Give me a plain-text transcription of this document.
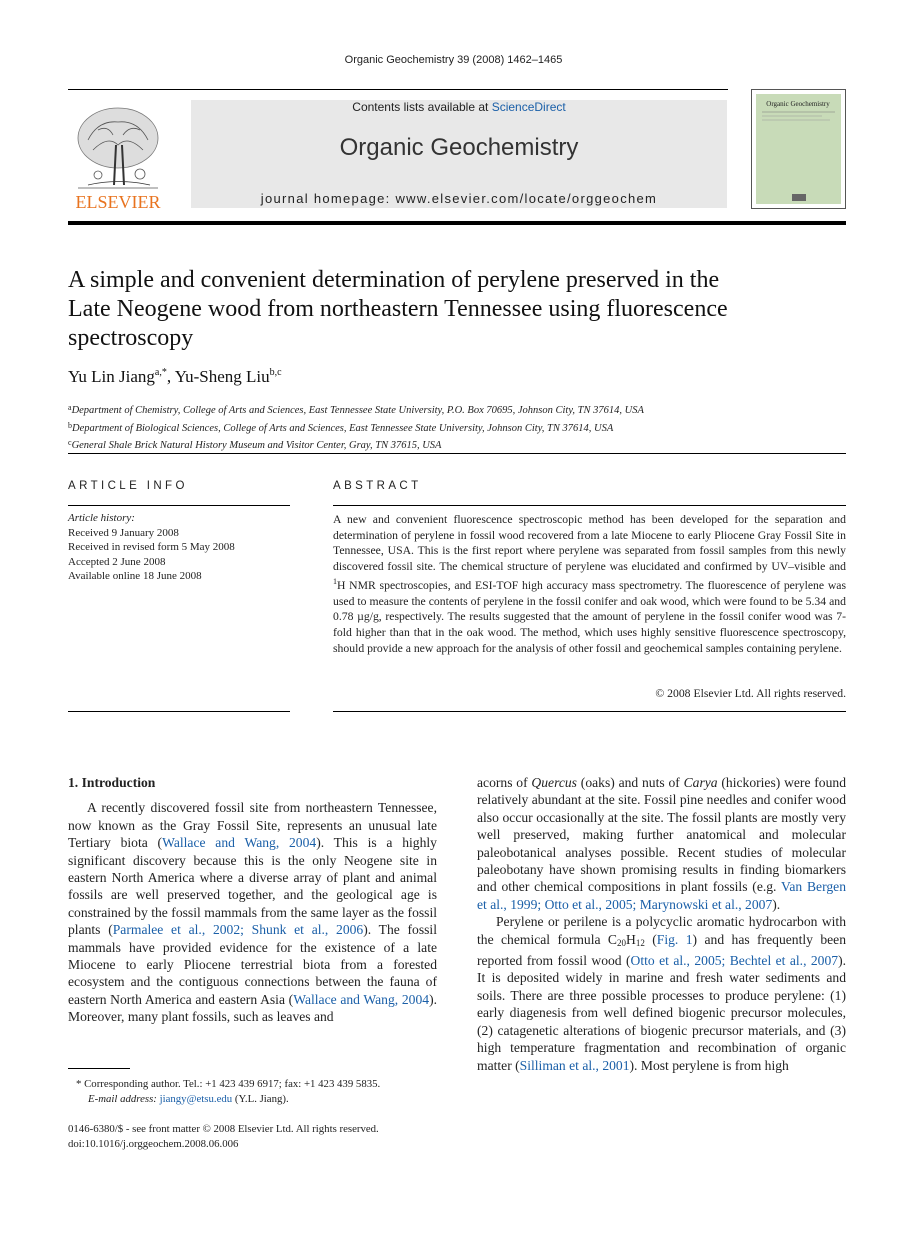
Organic Geochemistry 39 (2008) 1462–1465
ELSEVIER
Contents lists available at ScienceDirect
Organic Geochemistry
journal homepage: www.elsevier.com/locate/orggeochem
Organic Geochemistry
A simple and convenient determination of perylene preserved in the Late Neogene wood from northeastern Tennessee using fluorescence spectroscopy
Yu Lin Jiang$^{a,*}$, Yu-Sheng Liu$^{b,c}$
$^a$Department of Chemistry, College of Arts and Sciences, East Tennessee State University, P.O. Box 70695, Johnson City, TN 37614, USA
$^b$Department of Biological Sciences, College of Arts and Sciences, East Tennessee State University, Johnson City, TN 37614, USA
$^c$General Shale Brick Natural History Museum and Visitor Center, Gray, TN 37615, USA
ARTICLE INFO
Article history:
Received 9 January 2008
Received in revised form 5 May 2008
Accepted 2 June 2008
Available online 18 June 2008
ABSTRACT
A new and convenient fluorescence spectroscopic method has been developed for the separation and determination of perylene in fossil wood recovered from a late Miocene to early Pliocene Gray Fossil Site in Tennessee, USA. This is the first report where perylene was separated from fossil samples from this newly discovered fossil site. The chemical structure of perylene was elucidated and confirmed by UV–visible and $^1$H NMR spectroscopies, and ESI-TOF high accuracy mass spectrometry. The fluorescence of perylene was used to measure the contents of perylene in the fossil conifer and oak wood, which were found to be 5.34 and 0.78 µg/g, respectively. The results suggested that the amount of perylene in the fossil conifer wood was 7-fold higher than that in the oak wood. The method, which uses highly sensitive fluorescence spectroscopy, should provide a new approach for the analysis of other fossil and geochemical samples containing perylene.
© 2008 Elsevier Ltd. All rights reserved.

1. Introduction

A recently discovered fossil site from northeastern Tennessee, now known as the Gray Fossil Site, represents an unusual late Tertiary biota (Wallace and Wang, 2004). This is a highly significant discovery because this is the only Neogene site in eastern North America where a diverse array of plant and animal fossils are well preserved together, and the geological age is constrained by the fossil mammals from the same layer as the fossil plants (Parmalee et al., 2002; Shunk et al., 2006). The fossil mammals have provided evidence for the existence of a late Miocene to early Pliocene terrestrial biota from a forested ecosystem and the contiguous connections between the fauna of eastern North America and eastern Asia (Wallace and Wang, 2004). Moreover, many plant fossils, such as leaves and

acorns of Quercus (oaks) and nuts of Carya (hickories) were found relatively abundant at the site. Fossil pine needles and conifer wood also occur occasionally at the site. The fossil plants are mostly very well preserved, making further anatomical and molecular paleobotanical analyses possible. Recent studies of molecular paleobotany have shown promising results in finding biomarkers and other chemical compositions in plant fossils (e.g. Van Bergen et al., 1999; Otto et al., 2005; Marynowski et al., 2007).

Perylene or perilene is a polycyclic aromatic hydrocarbon with the chemical formula $C_{20}H_{12}$ (Fig. 1) and has frequently been reported from fossil wood (Otto et al., 2005; Bechtel et al., 2007). It is deposited widely in marine and fresh water sediments and soils. There are three possible processes to produce perylene: (1) early diagenesis from well defined biogenic precursor molecules, (2) catagenetic alterations of biogenic precursor materials, and (3) high temperature fragmentation and recombination of organic matter (Silliman et al., 2001). Most perylene is from high

* Corresponding author. Tel.: +1 423 439 6917; fax: +1 423 439 5835.
E-mail address: jiangy@etsu.edu (Y.L. Jiang).
0146-6380/$ - see front matter © 2008 Elsevier Ltd. All rights reserved.
doi:10.1016/j.orggeochem.2008.06.006
